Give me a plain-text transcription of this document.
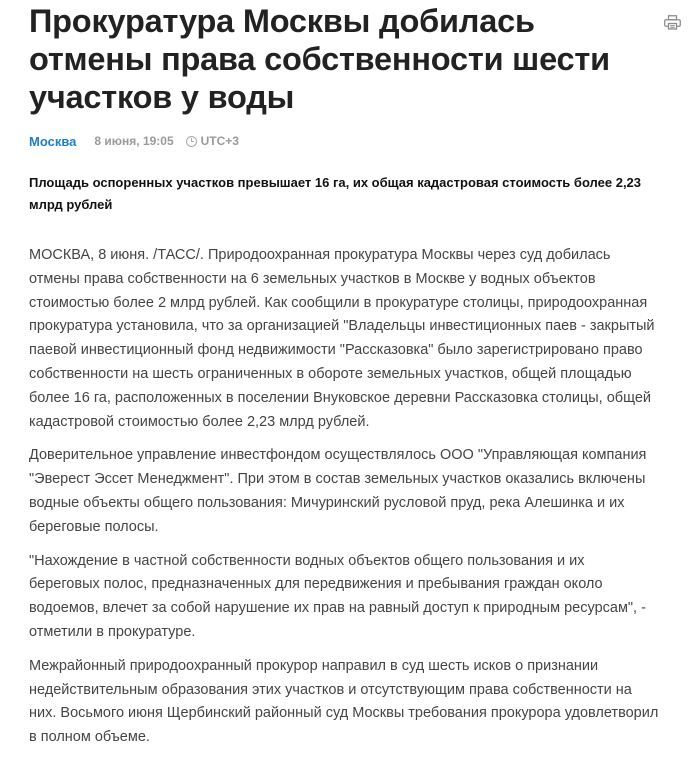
Прокуратура Москвы добилась отмены права собственности шести участков у воды
Москва 8 июня, 19:05 UTC+3
Площадь оспоренных участков превышает 16 га, их общая кадастровая стоимость более 2,23 млрд рублей

МОСКВА, 8 июня. /ТАСС/. Природоохранная прокуратура Москвы через суд добилась отмены права собственности на 6 земельных участков в Москве у водных объектов стоимостью более 2 млрд рублей. Как сообщили в прокуратуре столицы, природоохранная прокуратура установила, что за организацией "Владельцы инвестиционных паев - закрытый паевой инвестиционный фонд недвижимости "Рассказовка" было зарегистрировано право собственности на шесть ограниченных в обороте земельных участков, общей площадью более 16 га, расположенных в поселении Внуковское деревни Рассказовка столицы, общей кадастровой стоимостью более 2,23 млрд рублей.

Доверительное управление инвестфондом осуществлялось ООО "Управляющая компания "Эверест Эссет Менеджмент". При этом в состав земельных участков оказались включены водные объекты общего пользования: Мичуринский русловой пруд, река Алешинка и их береговые полосы.

"Нахождение в частной собственности водных объектов общего пользования и их береговых полос, предназначенных для передвижения и пребывания граждан около водоемов, влечет за собой нарушение их прав на равный доступ к природным ресурсам", - отметили в прокуратуре.

Межрайонный природоохранный прокурор направил в суд шесть исков о признании недействительным образования этих участков и отсутствующим права собственности на них. Восьмого июня Щербинский районный суд Москвы требования прокурора удовлетворил в полном объеме.
